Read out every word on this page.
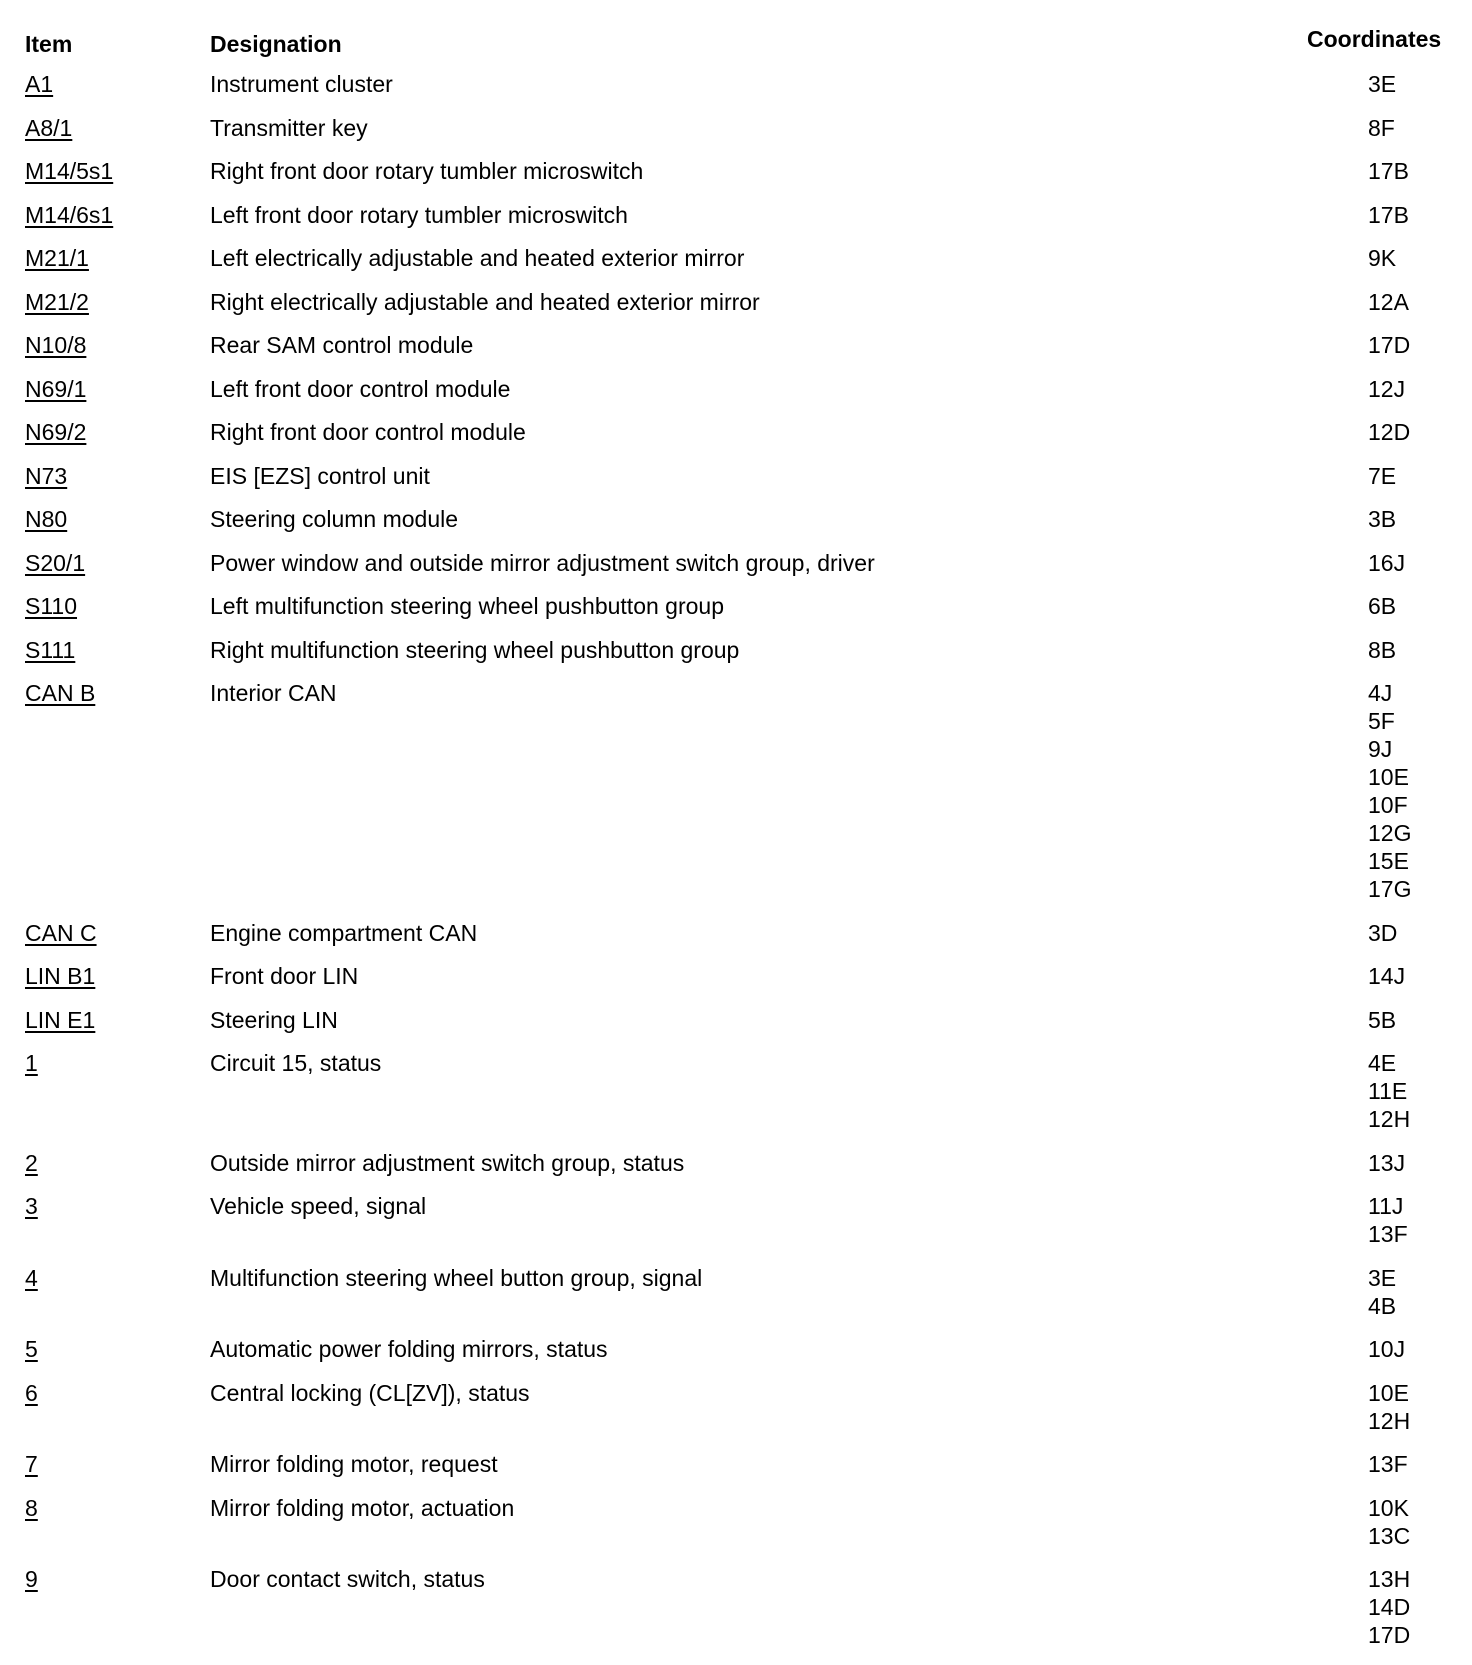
Item	Designation	Coordinates
A1	Instrument cluster	3E
A8/1	Transmitter key	8F
M14/5s1	Right front door rotary tumbler microswitch	17B
M14/6s1	Left front door rotary tumbler microswitch	17B
M21/1	Left electrically adjustable and heated exterior mirror	9K
M21/2	Right electrically adjustable and heated exterior mirror	12A
N10/8	Rear SAM control module	17D
N69/1	Left front door control module	12J
N69/2	Right front door control module	12D
N73	EIS [EZS] control unit	7E
N80	Steering column module	3B
S20/1	Power window and outside mirror adjustment switch group, driver	16J
S110	Left multifunction steering wheel pushbutton group	6B
S111	Right multifunction steering wheel pushbutton group	8B
CAN B	Interior CAN	4J
5F
9J
10E
10F
12G
15E
17G
CAN C	Engine compartment CAN	3D
LIN B1	Front door LIN	14J
LIN E1	Steering LIN	5B
1	Circuit 15, status	4E
11E
12H
2	Outside mirror adjustment switch group, status	13J
3	Vehicle speed, signal	11J
13F
4	Multifunction steering wheel button group, signal	3E
4B
5	Automatic power folding mirrors, status	10J
6	Central locking (CL[ZV]), status	10E
12H
7	Mirror folding motor, request	13F
8	Mirror folding motor, actuation	10K
13C
9	Door contact switch, status	13H
14D
17D
